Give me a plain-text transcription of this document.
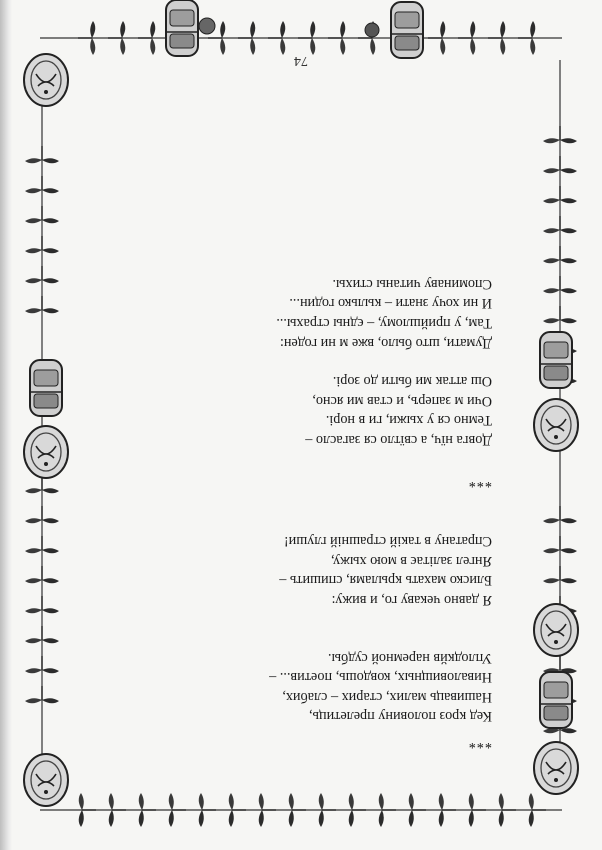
***

Кед кроз полoвину прелетиць,
Нашиваць малих, старих – слабих,
Ниваловищных, ковдошь, поетив... –
Уплодкйв наремной судбы.

Я давно чекаву го, и вижу:
Блиско махать крыламя, спишить –
Янгел залітає в мою хыжу,
Спратану в такій страшній глуши!

***

Довга нїч, а свїтло ся загасло –
Темно ся у хыжи, ги в норі.
Очи м заперъ, и став ми ясно,
Ош аттак ми быти до зорі.

Думати, што было, вже м ни годен:
Там, у прийшлому, – єдны страхы...
И ни хочу знати – кылько годин...
Споминаву читаны стихы.

74
